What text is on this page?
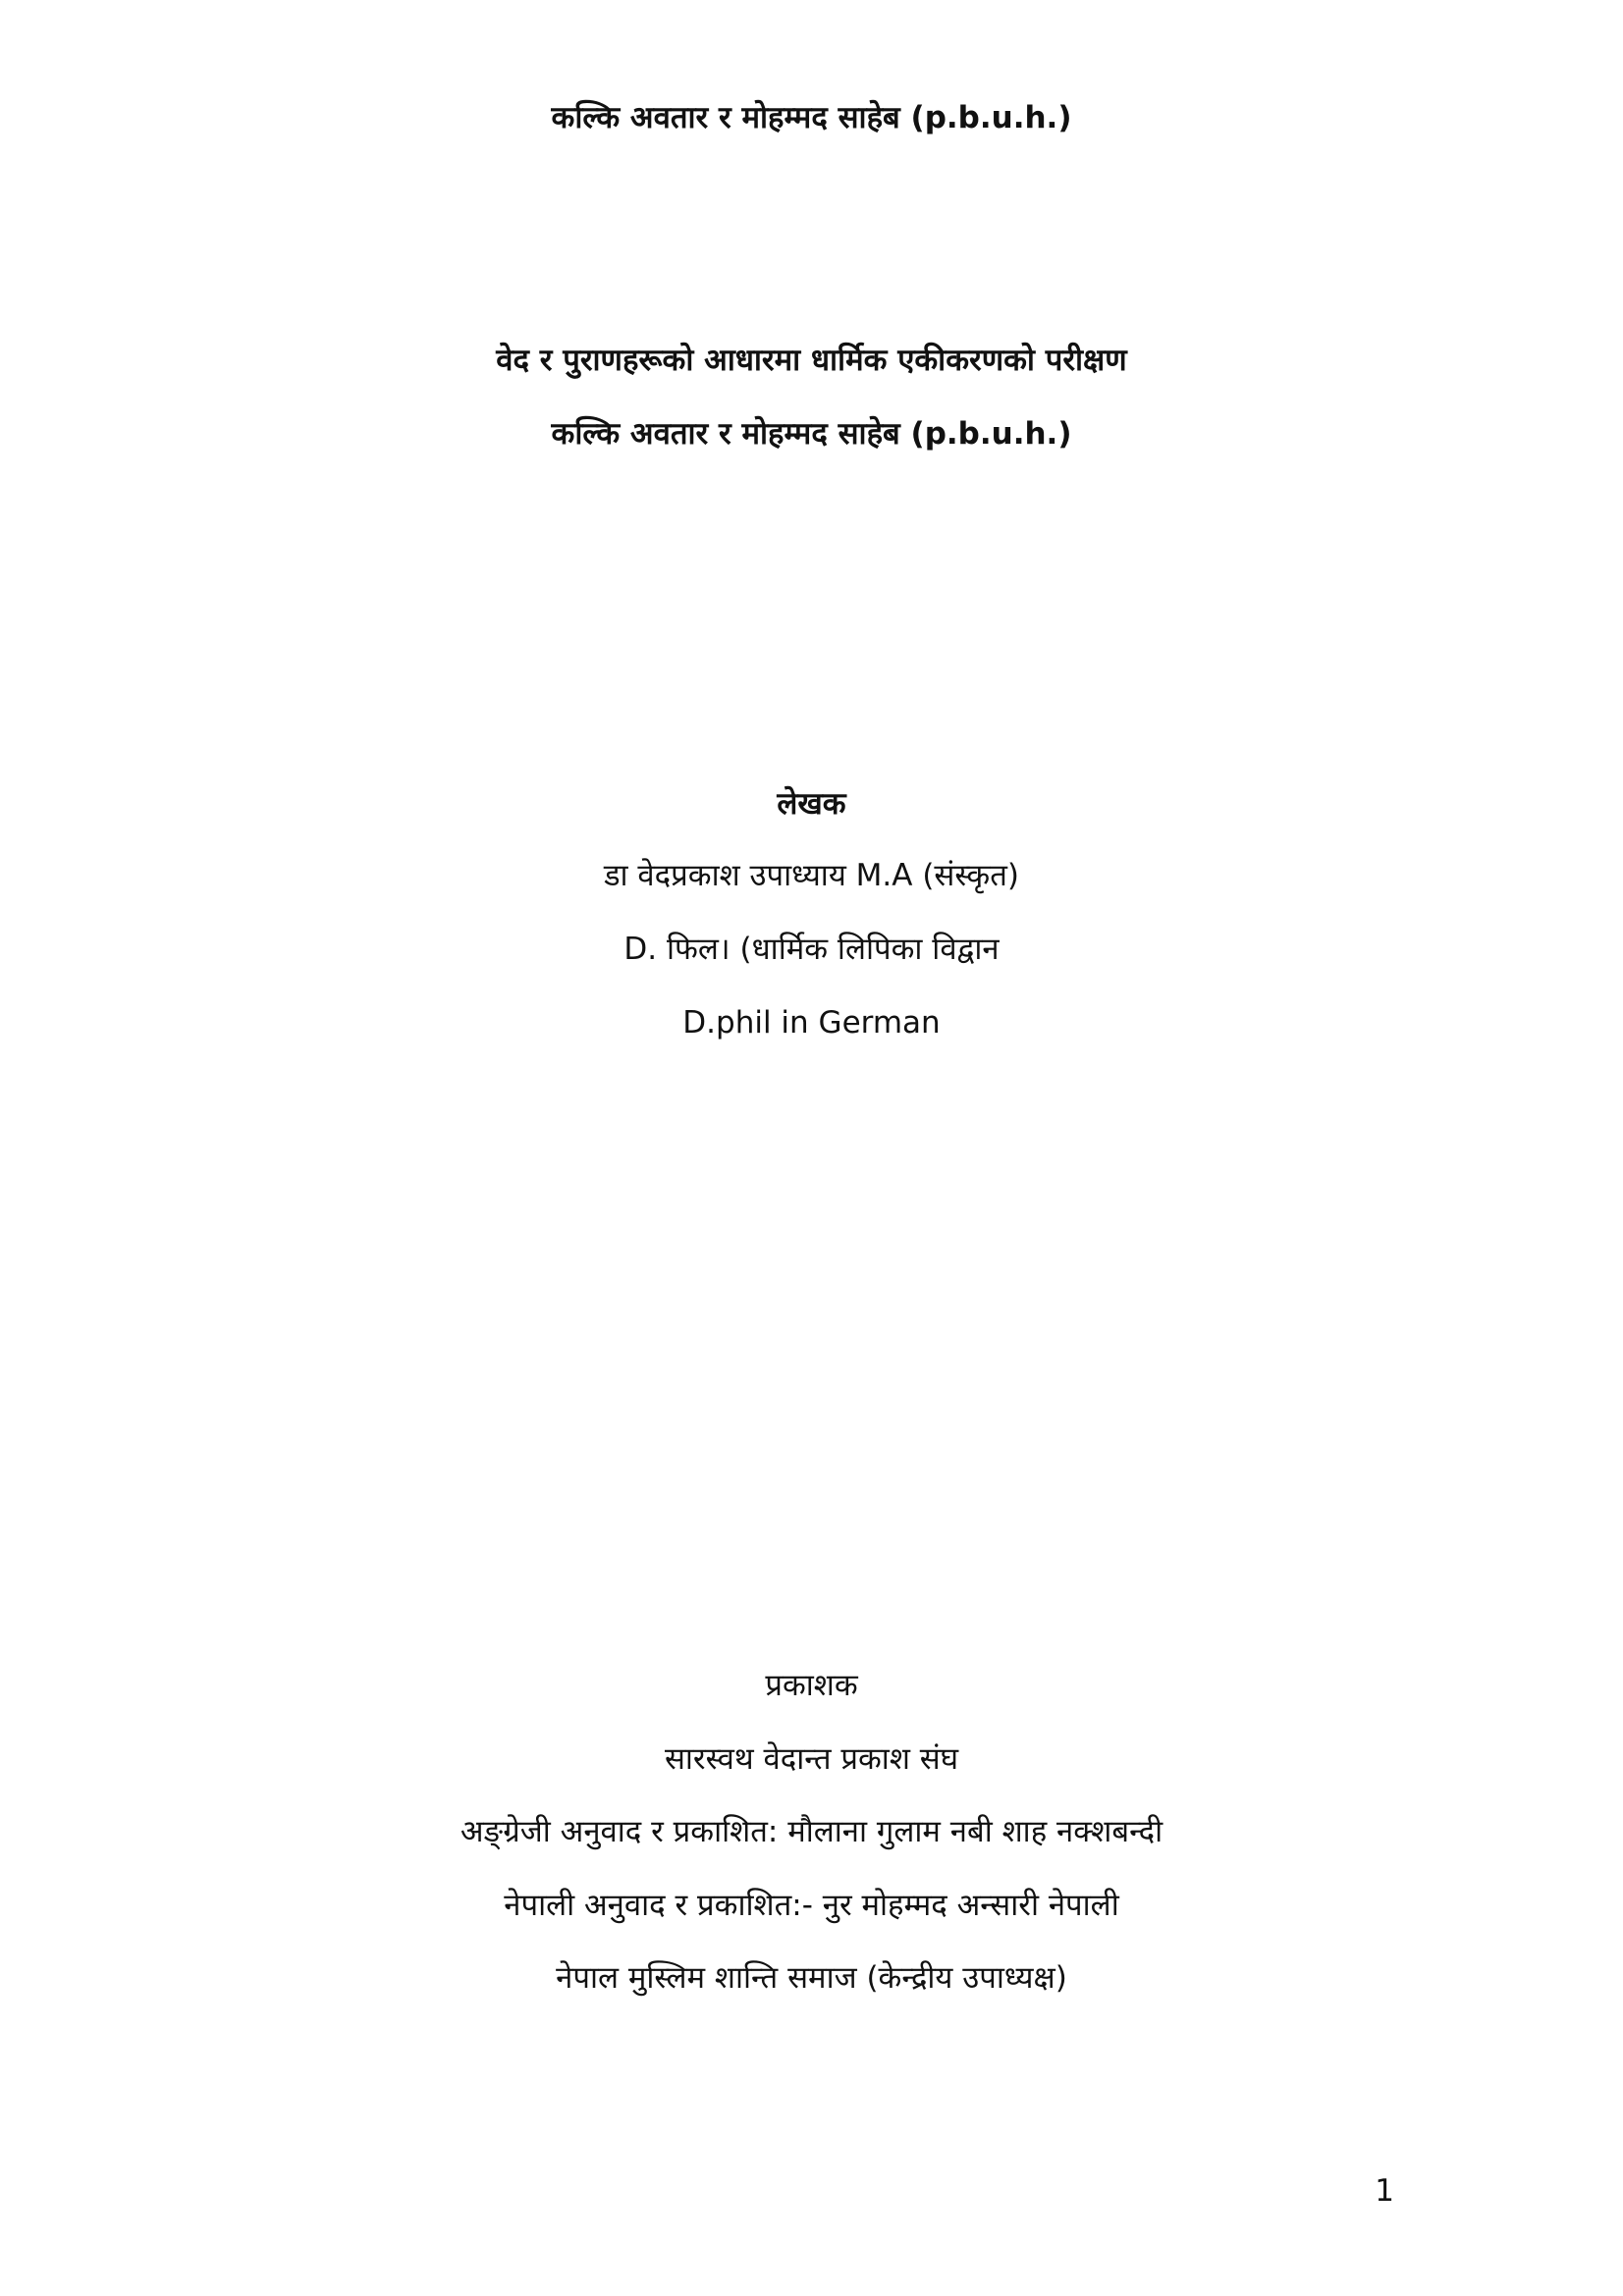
कल्कि अवतार र मोहम्मद साहेब (p.b.u.h.)
वेद र पुराणहरूको आधारमा धार्मिक एकीकरणको परीक्षण
कल्कि अवतार र मोहम्मद साहेब (p.b.u.h.)
लेखक
डा वेदप्रकाश उपाध्याय M.A (संस्कृत)
D. फिल। (धार्मिक लिपिका विद्वान
D.phil in German
प्रकाशक
सारस्वथ वेदान्त प्रकाश संघ
अङ्ग्रेजी अनुवाद र प्रकाशित: मौलाना गुलाम नबी शाह नक्शबन्दी
नेपाली अनुवाद र प्रकाशित:- नुर मोहम्मद अन्सारी नेपाली
नेपाल मुस्लिम शान्ति समाज (केन्द्रीय उपाध्यक्ष)
1
